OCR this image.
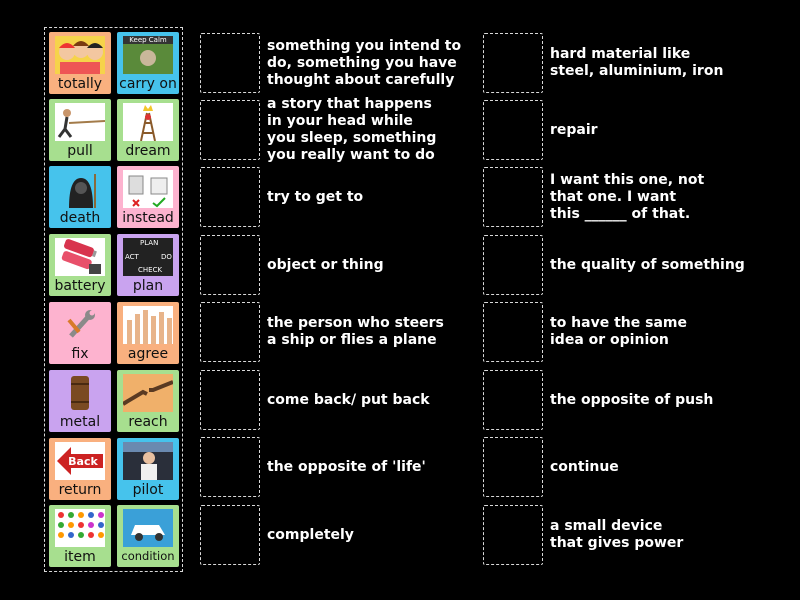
totally
Keep Calm
carry on
pull	dream
death	instead
battery
PLAN
DO
CHECK
ACT
plan
fix	agree
metal	reach
Back
return	pilot
item	condition
something you intend to
do, something you have
thought about carefully
a story that happens
in your head while
you sleep, something
you really want to do
try to get to
object or thing
the person who steers
a ship or flies a plane
come back/ put back
the opposite of 'life'
completely
hard material like
steel, aluminium, iron
repair
I want this one, not
that one. I want
this ______ of that.
the quality of something
to have the same
idea or opinion
the opposite of push
continue
a small device
that gives power
